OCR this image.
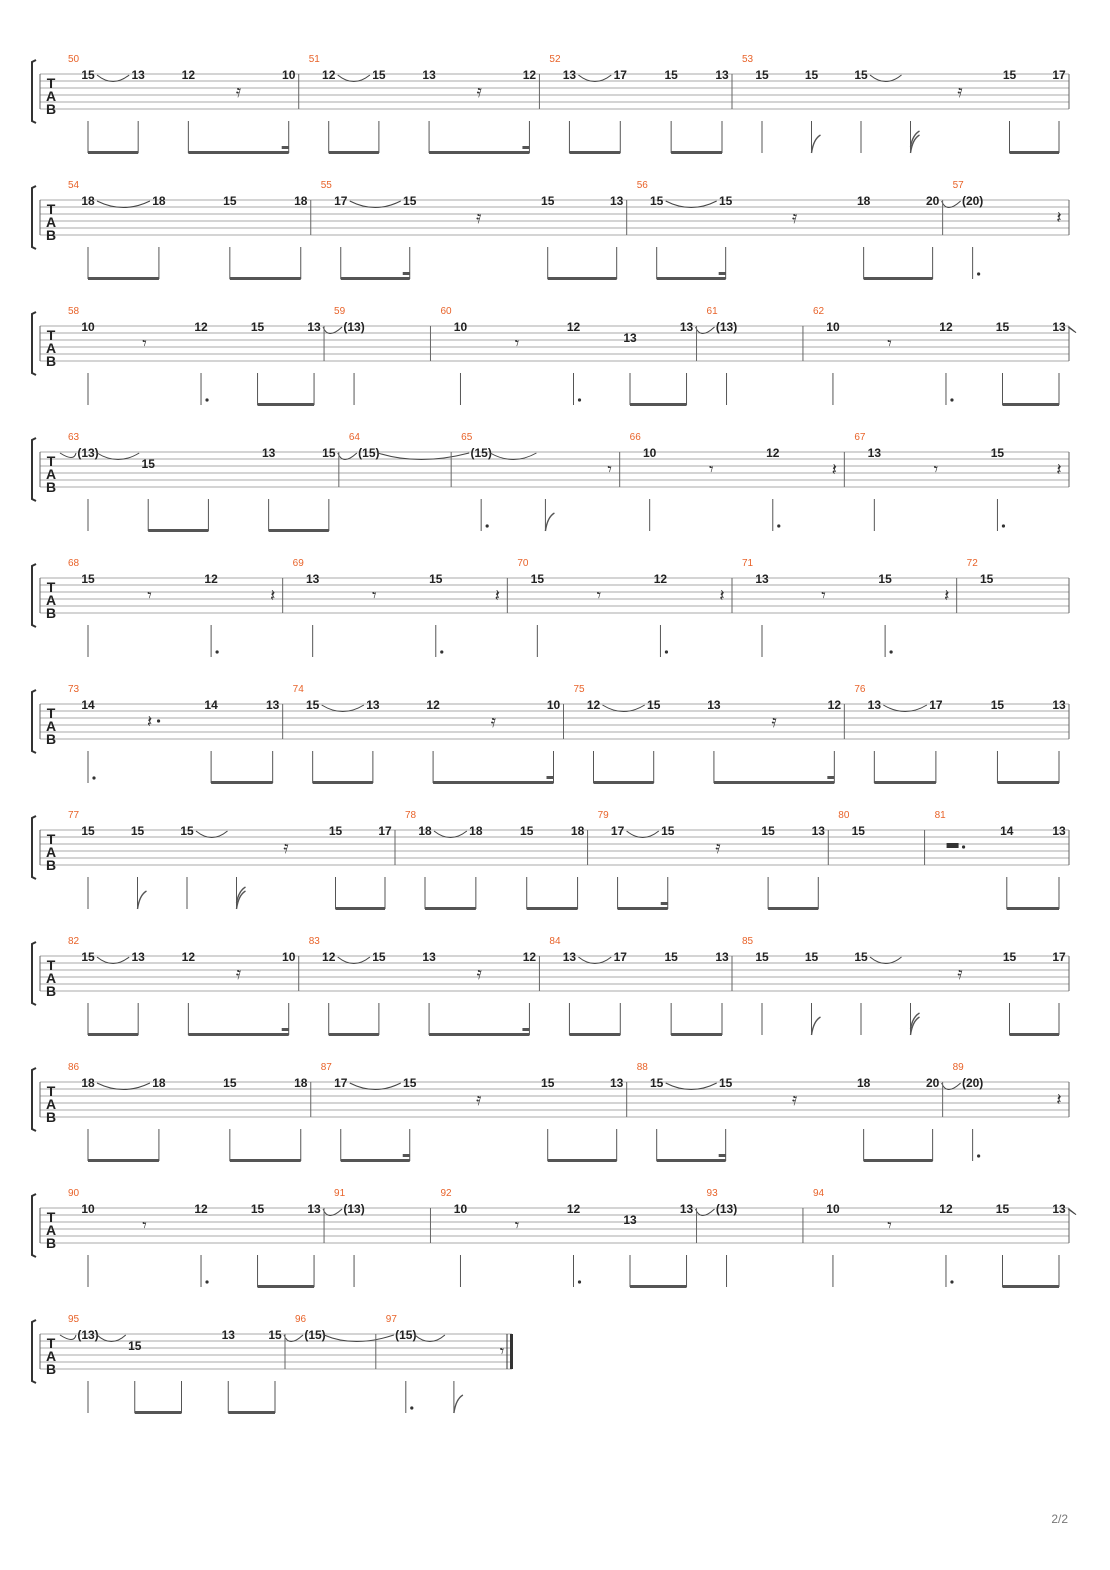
2/2
T
A
B
50
15	13	12
𝄿
10
51
12	15	13
𝄿
12
52
13	17	15	13
53
15	15	15
𝄿
15	17
T
A
B
54
18	18	15	18
55
17	15
𝄿
15	13
56
15	15
𝄿
18	20
57
(20)
𝄽
T
A
B
58
10
𝄾
12	15	13
59
(13)
60
10
𝄾
12
13
13
61
(13)
62
10
𝄾
12	15	13
T
A
B
63
(13)
15
13	15
64
(15)
65
(15)
𝄾
66
10
𝄾
12
𝄽
67
13
𝄾
15
𝄽
T
A
B
68
15
𝄾
12
𝄽
69
13
𝄾
15
𝄽
70
15
𝄾
12
𝄽
71
13
𝄾
15
𝄽
72
15
T
A
B
73
14
𝄽
14	13
74
15	13	12
𝄿
10
75
12	15	13
𝄿
12
76
13	17	15	13
T
A
B
77
15	15	15
𝄿
15	17
78
18	18	15	18
79
17	15
𝄿
15	13
80
15
81
14	13
T
A
B
82
15	13	12
𝄿
10
83
12	15	13
𝄿
12
84
13	17	15	13
85
15	15	15
𝄿
15	17
T
A
B
86
18	18	15	18
87
17	15
𝄿
15	13
88
15	15
𝄿
18	20
89
(20)
𝄽
T
A
B
90
10
𝄾
12	15	13
91
(13)
92
10
𝄾
12
13
13
93
(13)
94
10
𝄾
12	15	13
T
A
B
95
(13)
15
13	15
96
(15)
97
(15)
𝄾
